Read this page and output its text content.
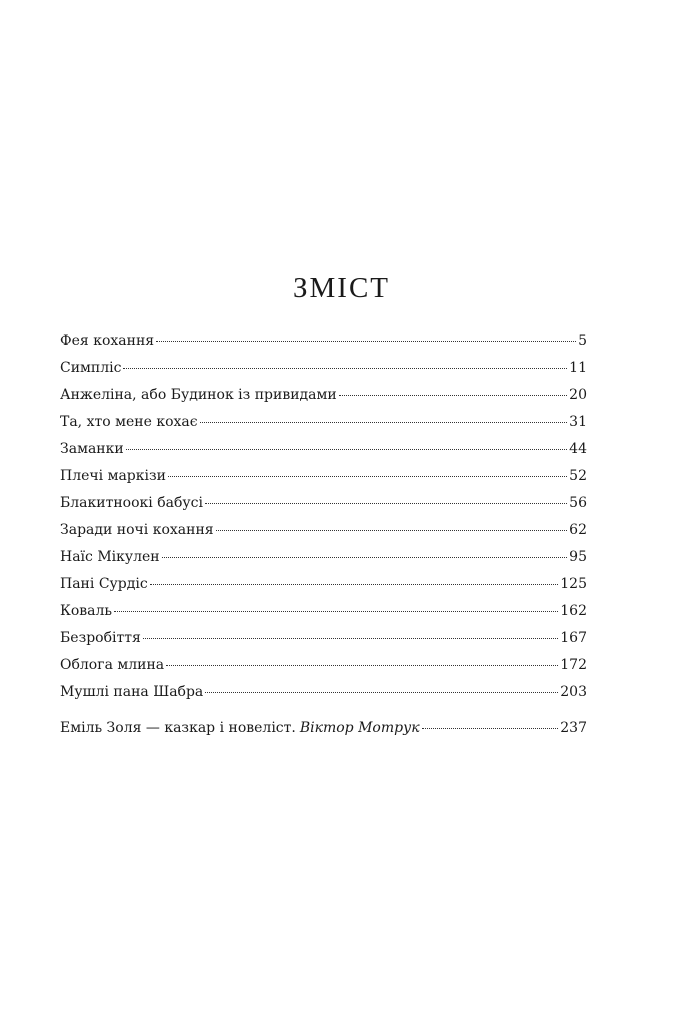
ЗМІСТ
Фея кохання	5
Симпліс	11
Анжеліна, або Будинок із привидами	20
Та, хто мене кохає	31
Заманки	44
Плечі маркізи	52
Блакитноокі бабусі	56
Заради ночі кохання	62
Наїс Мікулен	95
Пані Сурдіс	125
Коваль	162
Безробіття	167
Облога млина	172
Мушлі пана Шабра	203
Еміль Золя — казкар і новеліст. Віктор Мотрук	237
